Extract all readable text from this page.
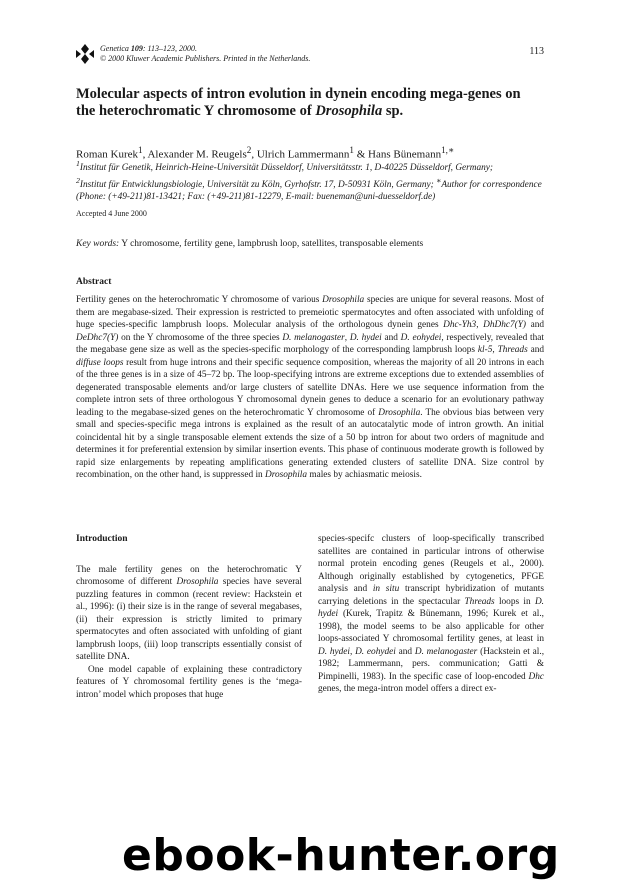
Genetica 109: 113–123, 2000.
© 2000 Kluwer Academic Publishers. Printed in the Netherlands.
113
Molecular aspects of intron evolution in dynein encoding mega-genes on
the heterochromatic Y chromosome of Drosophila sp.
Roman Kurek$^1$, Alexander M. Reugels$^2$, Ulrich Lammermann$^1$ & Hans Bünemann$^{1,∗}$
$^1$Institut für Genetik, Heinrich-Heine-Universität Düsseldorf, Universitätsstr. 1, D-40225 Düsseldorf, Germany;
$^2$Institut für Entwicklungsbiologie, Universität zu Köln, Gyrhofstr. 17, D-50931 Köln, Germany; ∗Author for correspondence (Phone: (+49-211)81-13421; Fax: (+49-211)81-12279, E-mail: bueneman@uni-duesseldorf.de)
Accepted 4 June 2000
Key words: Y chromosome, fertility gene, lampbrush loop, satellites, transposable elements
Abstract

Fertility genes on the heterochromatic Y chromosome of various Drosophila species are unique for several reasons. Most of them are megabase-sized. Their expression is restricted to premeiotic spermatocytes and often associated with unfolding of huge species-specific lampbrush loops. Molecular analysis of the orthologous dynein genes Dhc-Yh3, DhDhc7(Y) and DeDhc7(Y) on the Y chromosome of the three species D. melanogaster, D. hydei and D. eohydei, respectively, revealed that the megabase gene size as well as the species-specific morphology of the corresponding lampbrush loops kl-5, Threads and diffuse loops result from huge introns and their specific sequence composition, whereas the majority of all 20 introns in each of the three genes is in a size of 45–72 bp. The loop-specifying introns are extreme exceptions due to extended assemblies of degenerated transposable elements and/or large clusters of satellite DNAs. Here we use sequence information from the complete intron sets of three orthologous Y chromosomal dynein genes to deduce a scenario for an evolutionary pathway leading to the megabase-sized genes on the heterochromatic Y chromosome of Drosophila. The obvious bias between very small and species-specific mega introns is explained as the result of an autocatalytic mode of intron growth. An initial coincidental hit by a single transposable element extends the size of a 50 bp intron for about two orders of magnitude and determines it for preferential extension by similar insertion events. This phase of continuous moderate growth is followed by rapid size enlargements by repeating amplifications generating extended clusters of satellite DNA. Size control by recombination, on the other hand, is suppressed in Drosophila males by achiasmatic meiosis.

Introduction

The male fertility genes on the heterochromatic Y chromosome of different Drosophila species have several puzzling features in common (recent review: Hackstein et al., 1996): (i) their size is in the range of several megabases, (ii) their expression is strictly limited to primary spermatocytes and often associated with unfolding of giant lampbrush loops, (iii) loop transcripts essentially consist of satellite DNA.

One model capable of explaining these contradictory features of Y chromosomal fertility genes is the ‘mega-intron’ model which proposes that huge

species-specifc clusters of loop-specifically transcribed satellites are contained in particular introns of otherwise normal protein encoding genes (Reugels et al., 2000). Although originally established by cytogenetics, PFGE analysis and in situ transcript hybridization of mutants carrying deletions in the spectacular Threads loops in D. hydei (Kurek, Trapitz & Bünemann, 1996; Kurek et al., 1998), the model seems to be also applicable for other loops-associated Y chromosomal fertility genes, at least in D. hydei, D. eohydei and D. melanogaster (Hackstein et al., 1982; Lammermann, pers. communication; Gatti & Pimpinelli, 1983). In the specific case of loop-encoded Dhc genes, the mega-intron model offers a direct ex-

ebook-hunter.org
